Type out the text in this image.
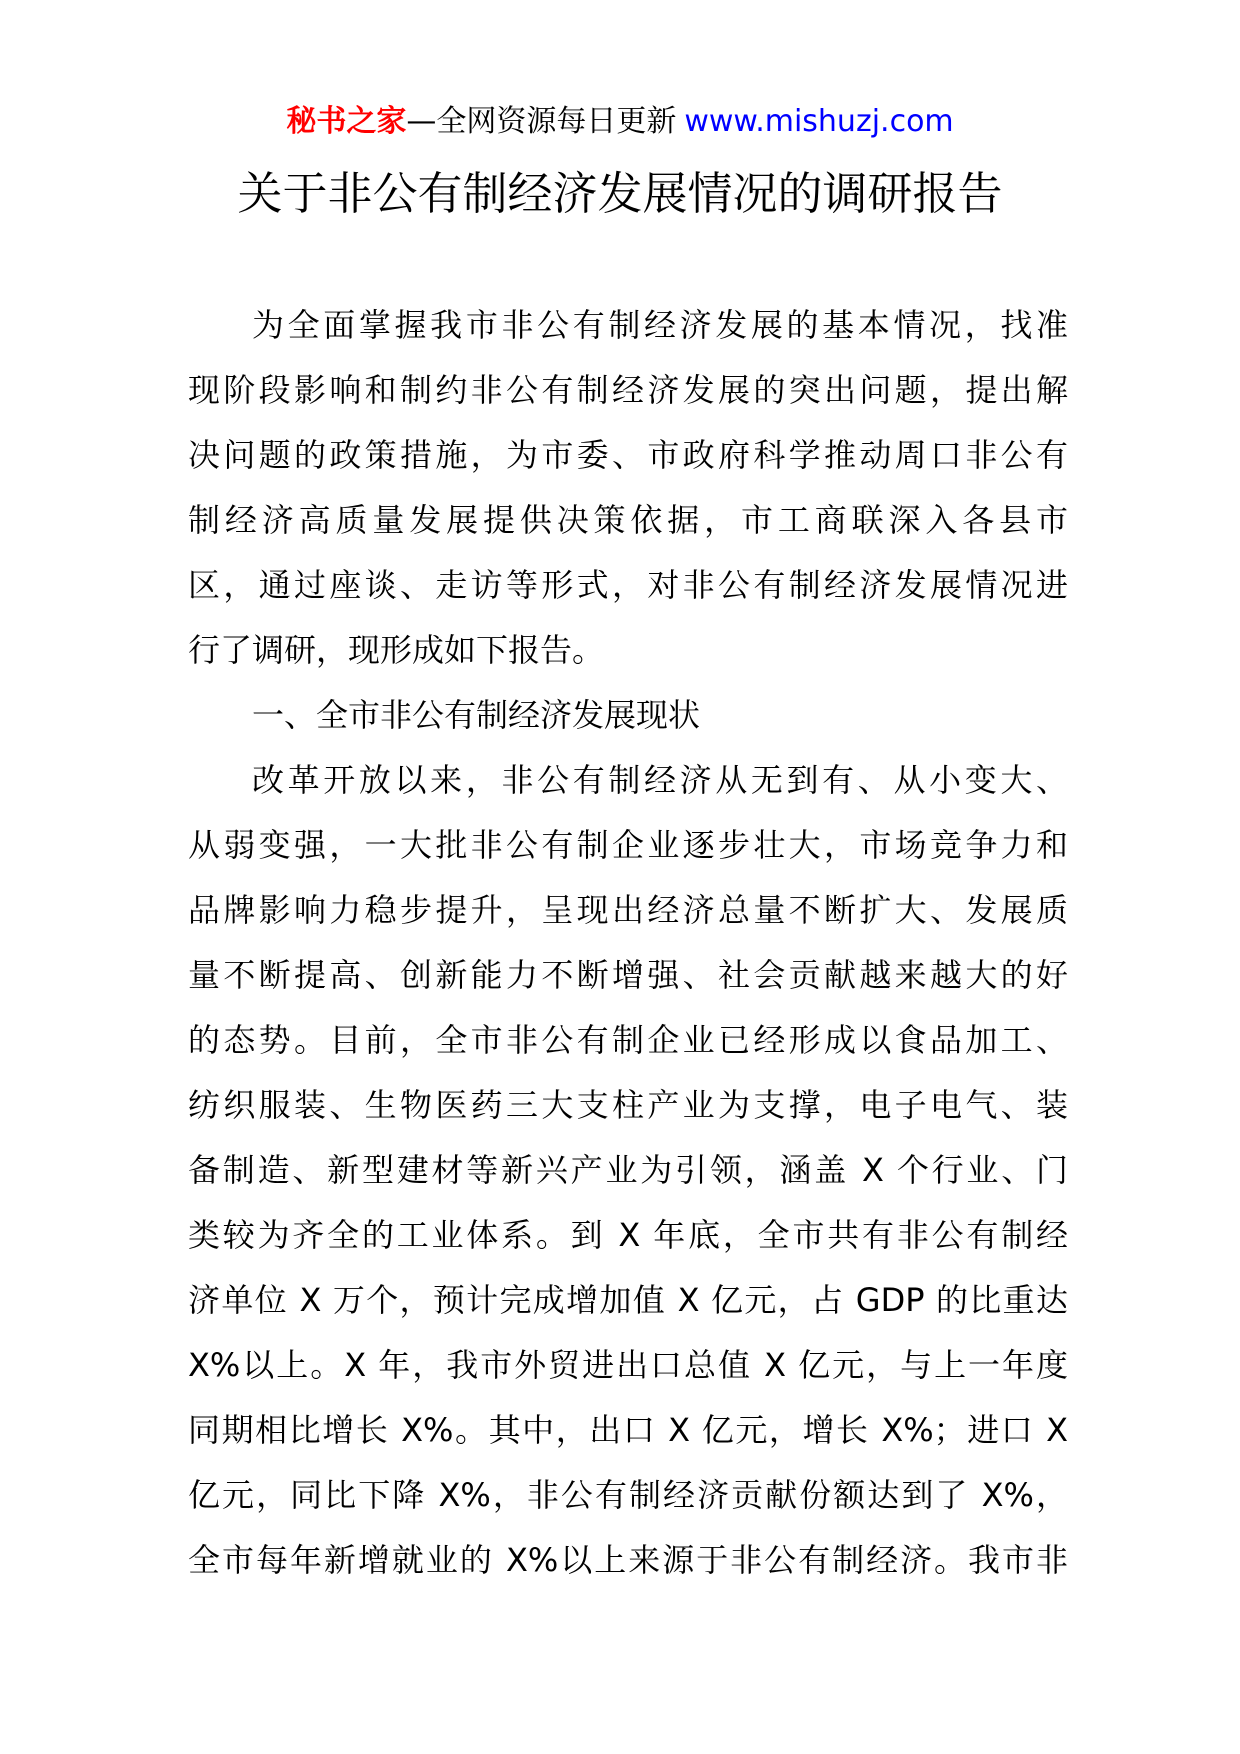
秘书之家—全网资源每日更新 www.mishuzj.com
关于非公有制经济发展情况的调研报告
为全面掌握我市非公有制经济发展的基本情况，找准
现阶段影响和制约非公有制经济发展的突出问题，提出解
决问题的政策措施，为市委、市政府科学推动周口非公有
制经济高质量发展提供决策依据，市工商联深入各县市
区，通过座谈、走访等形式，对非公有制经济发展情况进
行了调研，现形成如下报告。
一、全市非公有制经济发展现状
改革开放以来，非公有制经济从无到有、从小变大、
从弱变强，一大批非公有制企业逐步壮大，市场竞争力和
品牌影响力稳步提升，呈现出经济总量不断扩大、发展质
量不断提高、创新能力不断增强、社会贡献越来越大的好
的态势。目前，全市非公有制企业已经形成以食品加工、
纺织服装、生物医药三大支柱产业为支撑，电子电气、装
备制造、新型建材等新兴产业为引领，涵盖 X 个行业、门
类较为齐全的工业体系。到 X 年底，全市共有非公有制经
济单位 X 万个，预计完成增加值 X 亿元，占 GDP 的比重达
X%以上。X 年，我市外贸进出口总值 X 亿元，与上一年度
同期相比增长 X%。其中，出口 X 亿元，增长 X%；进口 X
亿元，同比下降 X%，非公有制经济贡献份额达到了 X%，
全市每年新增就业的 X%以上来源于非公有制经济。我市非
